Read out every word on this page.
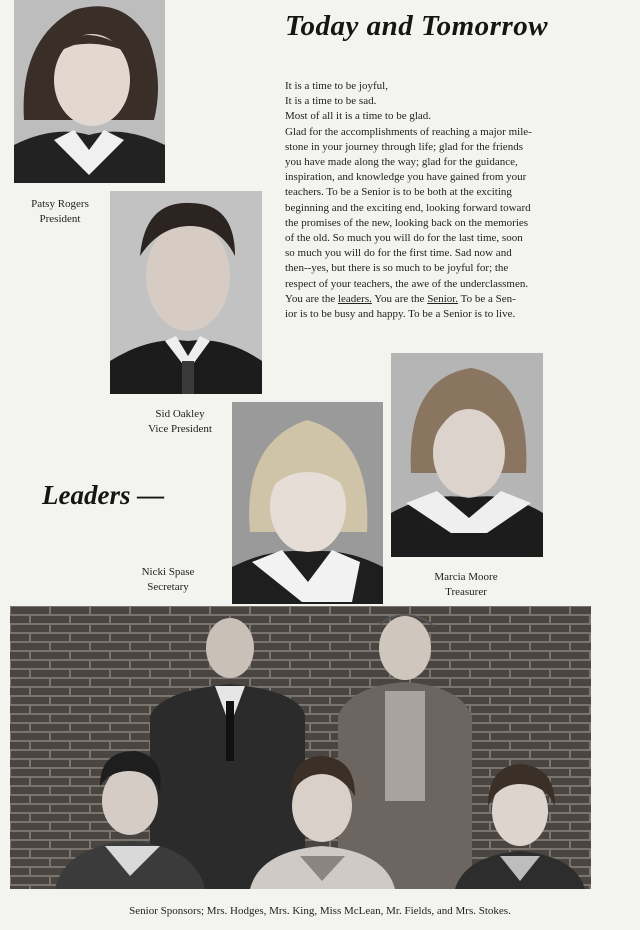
Today and Tomorrow
Patsy Rogers
President
Sid Oakley
Vice President

It is a time to be joyful,

It is a time to be sad.

Most of all it is a time to be glad.

Glad for the accomplishments of reaching a major mile-

stone in your journey through life; glad for the friends

you have made along the way; glad for the guidance,

inspiration, and knowledge you have gained from your

teachers. To be a Senior is to be both at the exciting

beginning and the exciting end, looking forward toward

the promises of the new, looking back on the memories

of the old. So much you will do for the last time, soon

so much you will do for the first time. Sad now and

then--yes, but there is so much to be joyful for; the

respect of your teachers, the awe of the underclassmen.

You are the leaders. You are the Senior. To be a Sen-

ior is to be busy and happy. To be a Senior is to live.

Nicki Spase
Secretary
Marcia Moore
Treasurer
Leaders —
Senior Sponsors; Mrs. Hodges, Mrs. King, Miss McLean, Mr. Fields, and Mrs. Stokes.
